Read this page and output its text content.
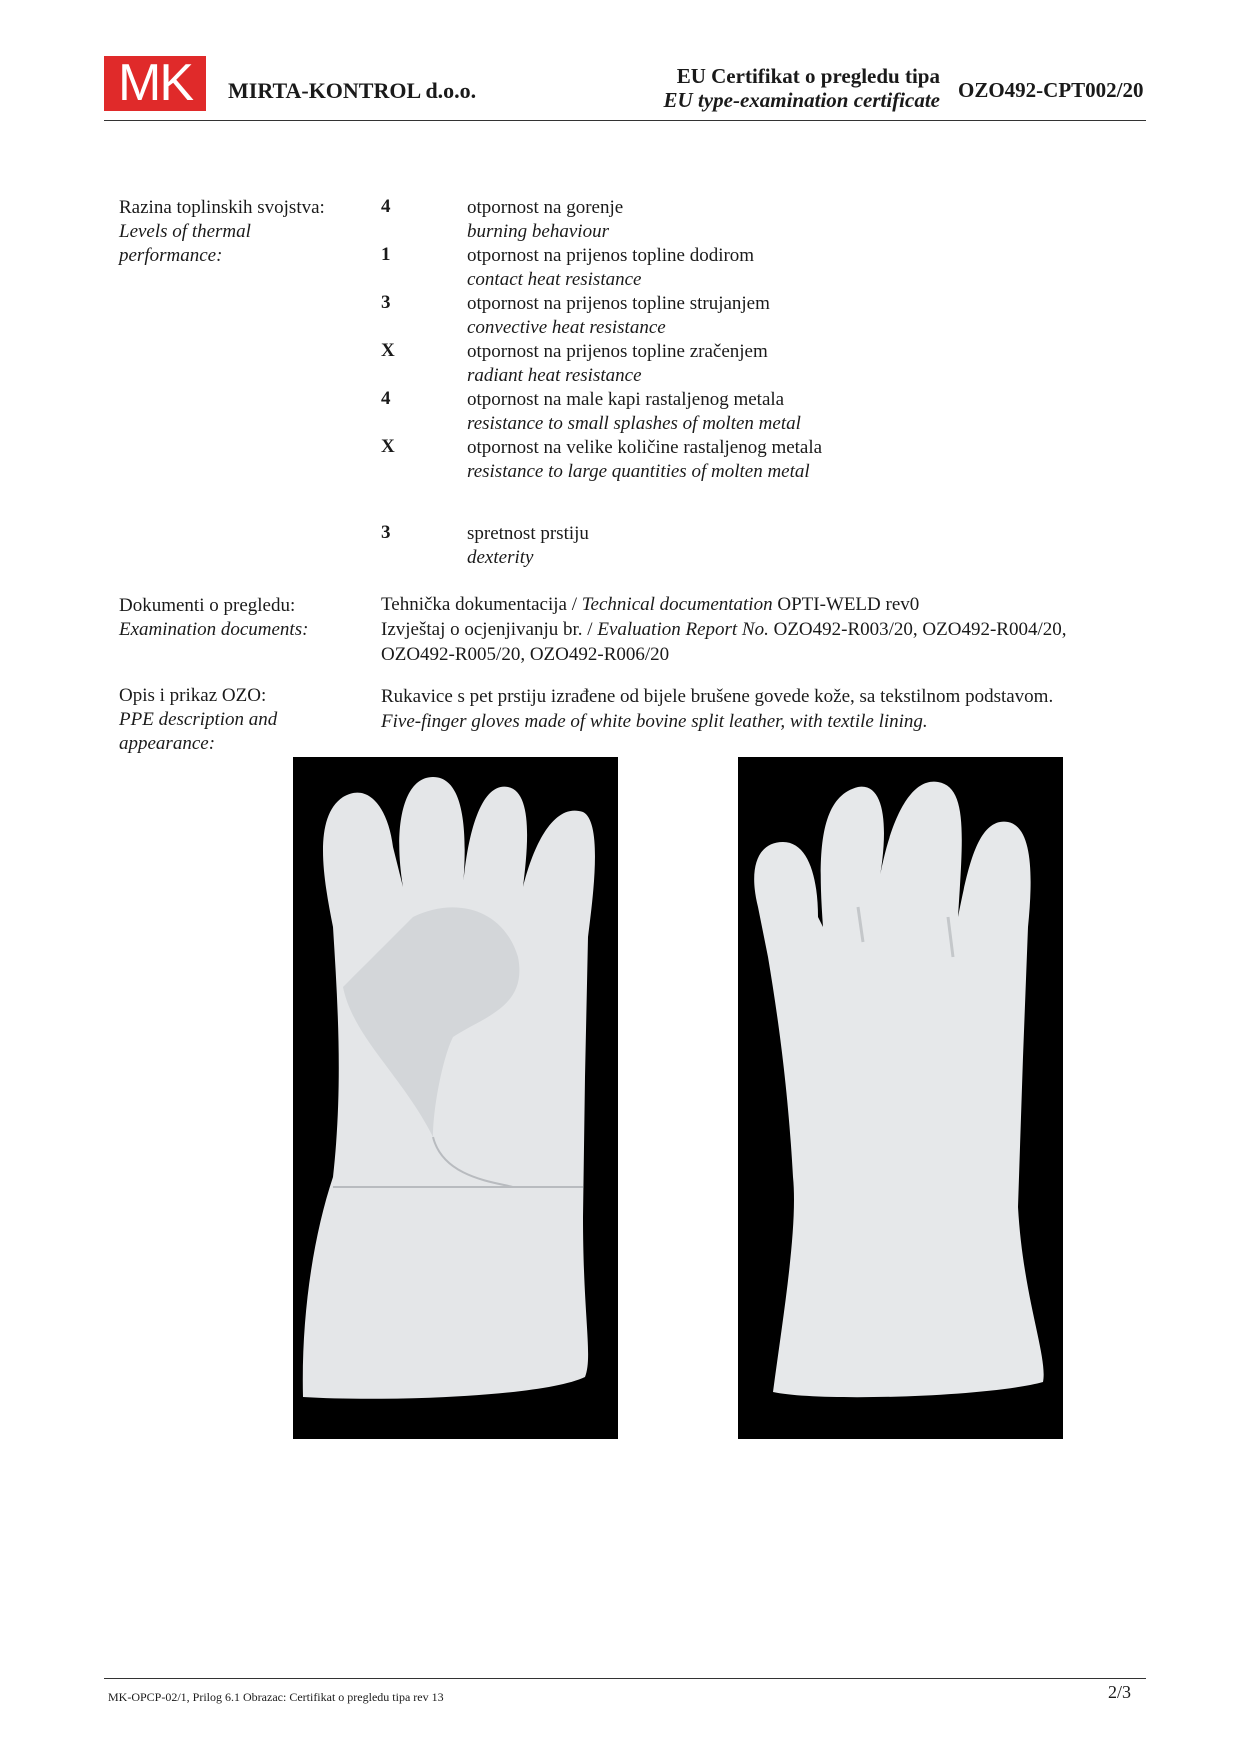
MK	MIRTA-KONTROL d.o.o.
EU Certifikat o pregledu tipa
EU type-examination certificate OZO492-CPT002/20
Razina toplinskih svojstva:
Levels of thermal
performance:
4	otpornost na gorenje
burning behaviour
1	otpornost na prijenos topline dodirom
contact heat resistance
3	otpornost na prijenos topline strujanjem
convective heat resistance
X	otpornost na prijenos topline zračenjem
radiant heat resistance
4	otpornost na male kapi rastaljenog metala
resistance to small splashes of molten metal
X	otpornost na velike količine rastaljenog metala
resistance to large quantities of molten metal
3	spretnost prstiju
dexterity
Dokumenti o pregledu:
Examination documents:
Tehnička dokumentacija / Technical documentation OPTI-WELD rev0
Izvještaj o ocjenjivanju br. / Evaluation Report No. OZO492-R003/20, OZO492-R004/20,
OZO492-R005/20, OZO492-R006/20
Opis i prikaz OZO:
PPE description and
appearance:
Rukavice s pet prstiju izrađene od bijele brušene govede kože, sa tekstilnom podstavom.
Five-finger gloves made of white bovine split leather, with textile lining.
MK-OPCP-02/1, Prilog 6.1 Obrazac: Certifikat o pregledu tipa rev 13	2/3
